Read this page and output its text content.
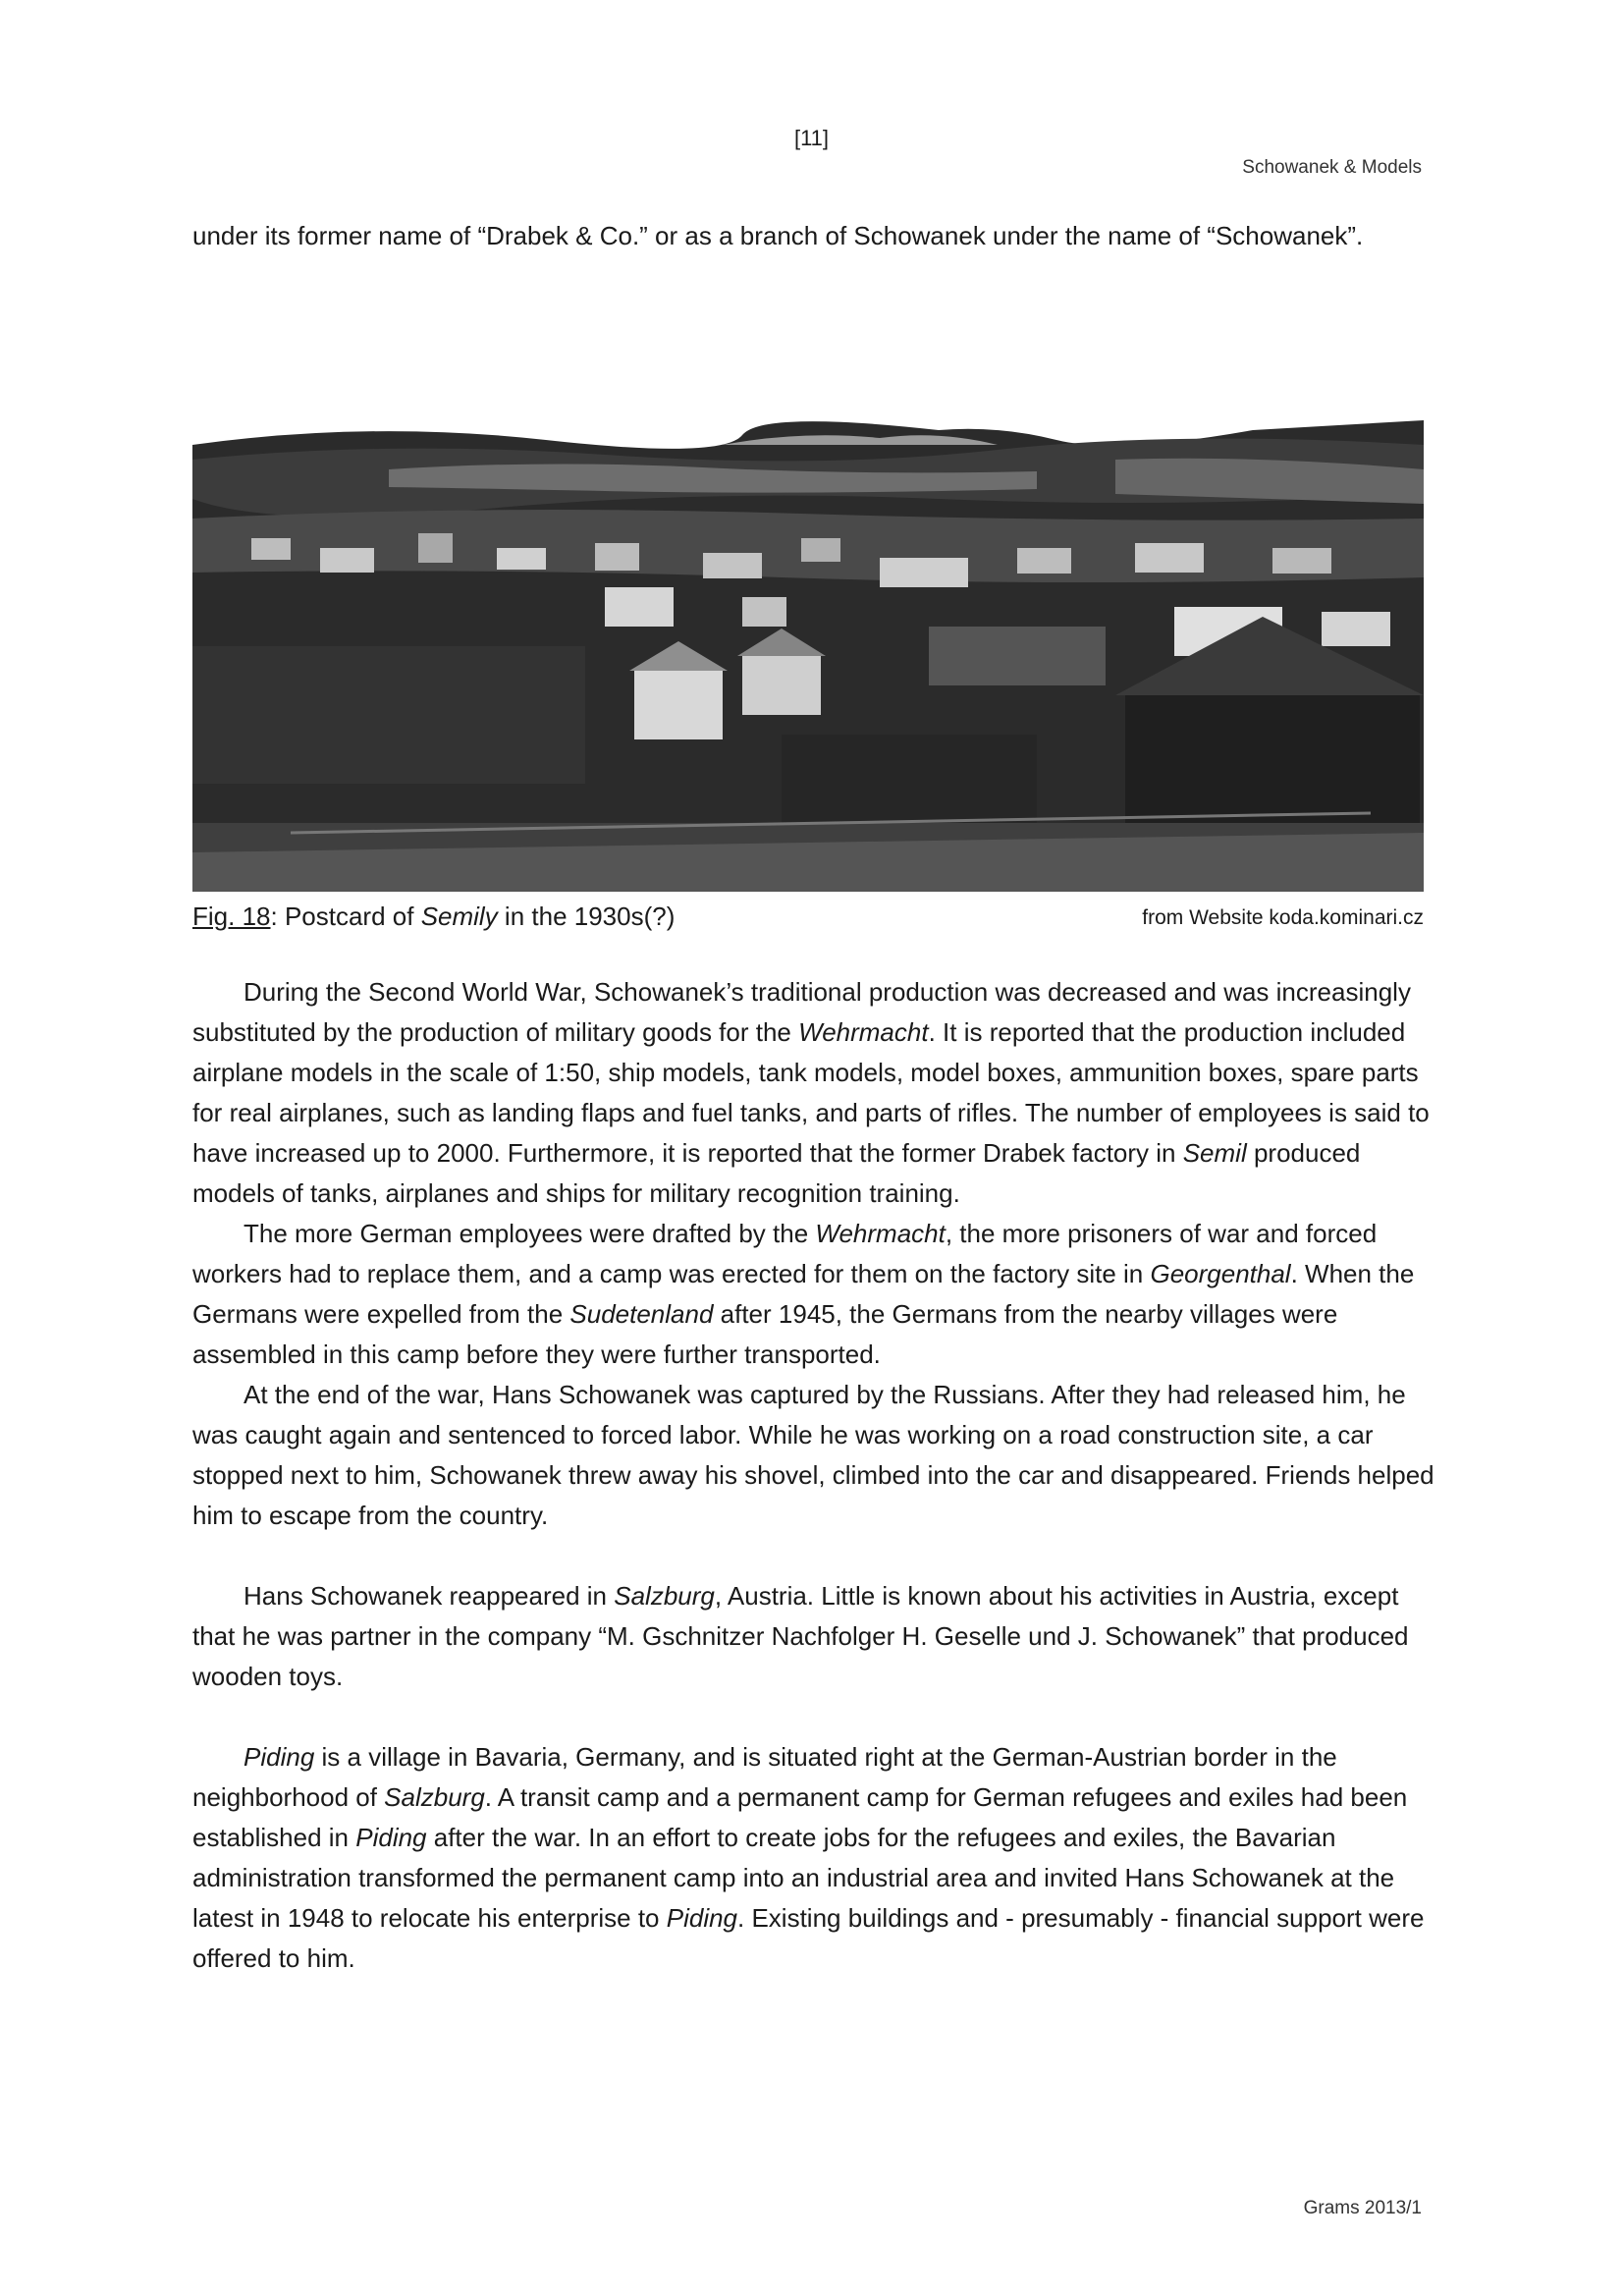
[11]
Schowanek & Models
under its former name of “Drabek & Co.” or as a branch of Schowanek under the name of “Schowanek”.
Fig. 18: Postcard of Semily in the 1930s(?)	from Website koda.kominari.cz

During the Second World War, Schowanek’s traditional production was decreased and was increasingly substituted by the production of military goods for the Wehrmacht. It is reported that the production included airplane models in the scale of 1:50, ship models, tank models, model boxes, ammunition boxes, spare parts for real airplanes, such as landing flaps and fuel tanks, and parts of rifles. The number of employees is said to have increased up to 2000. Furthermore, it is reported that the former Drabek factory in Semil produced models of tanks, airplanes and ships for military recognition training.

The more German employees were drafted by the Wehrmacht, the more prisoners of war and forced workers had to replace them, and a camp was erected for them on the factory site in Georgenthal. When the Germans were expelled from the Sudetenland after 1945, the Germans from the nearby villages were assembled in this camp before they were further transported.

At the end of the war, Hans Schowanek was captured by the Russians. After they had released him, he was caught again and sentenced to forced labor. While he was working on a road construction site, a car stopped next to him, Schowanek threw away his shovel, climbed into the car and disappeared. Friends helped him to escape from the country.

Hans Schowanek reappeared in Salzburg, Austria. Little is known about his activities in Austria, except that he was partner in the company “M. Gschnitzer Nachfolger H. Geselle und J. Schowanek” that produced wooden toys.

Piding is a village in Bavaria, Germany, and is situated right at the German-Austrian border in the neighborhood of Salzburg. A transit camp and a permanent camp for German refugees and exiles had been established in Piding after the war. In an effort to create jobs for the refugees and exiles, the Bavarian administration transformed the permanent camp into an industrial area and invited Hans Schowanek at the latest in 1948 to relocate his enterprise to Piding. Existing buildings and - presumably - financial support were offered to him.

Grams 2013/1
